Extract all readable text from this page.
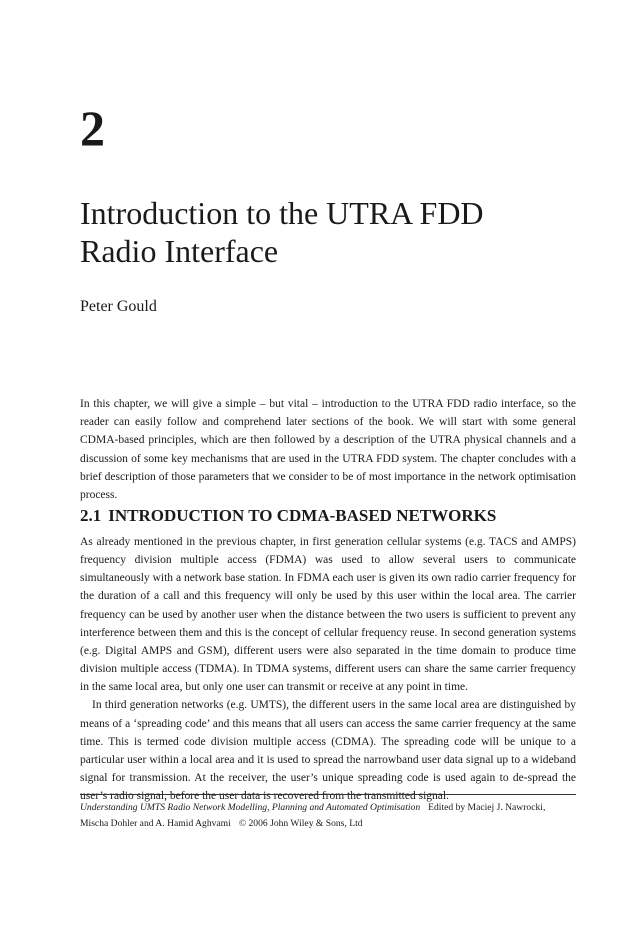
2
Introduction to the UTRA FDD
Radio Interface

Peter Gould

In this chapter, we will give a simple – but vital – introduction to the UTRA FDD radio interface, so the reader can easily follow and comprehend later sections of the book. We will start with some general CDMA-based principles, which are then followed by a description of the UTRA physical channels and a discussion of some key mechanisms that are used in the UTRA FDD system. The chapter concludes with a brief description of those parameters that we consider to be of most importance in the network optimisation process.

2.1 INTRODUCTION TO CDMA-BASED NETWORKS

As already mentioned in the previous chapter, in first generation cellular systems (e.g. TACS and AMPS) frequency division multiple access (FDMA) was used to allow several users to communicate simultaneously with a network base station. In FDMA each user is given its own radio carrier frequency for the duration of a call and this frequency will only be used by this user within the local area. The carrier frequency can be used by another user when the distance between the two users is sufficient to prevent any interference between them and this is the concept of cellular frequency reuse. In second generation systems (e.g. Digital AMPS and GSM), different users were also separated in the time domain to produce time division multiple access (TDMA). In TDMA systems, different users can share the same carrier frequency in the same local area, but only one user can transmit or receive at any point in time.

In third generation networks (e.g. UMTS), the different users in the same local area are distinguished by means of a ‘spreading code’ and this means that all users can access the same carrier frequency at the same time. This is termed code division multiple access (CDMA). The spreading code will be unique to a particular user within a local area and it is used to spread the narrowband user data signal up to a wideband signal for transmission. At the receiver, the user’s unique spreading code is used again to de-spread the user’s radio signal, before the user data is recovered from the transmitted signal.

Understanding UMTS Radio Network Modelling, Planning and Automated Optimisation Edited by Maciej J. Nawrocki,
Mischa Dohler and A. Hamid Aghvami © 2006 John Wiley & Sons, Ltd
